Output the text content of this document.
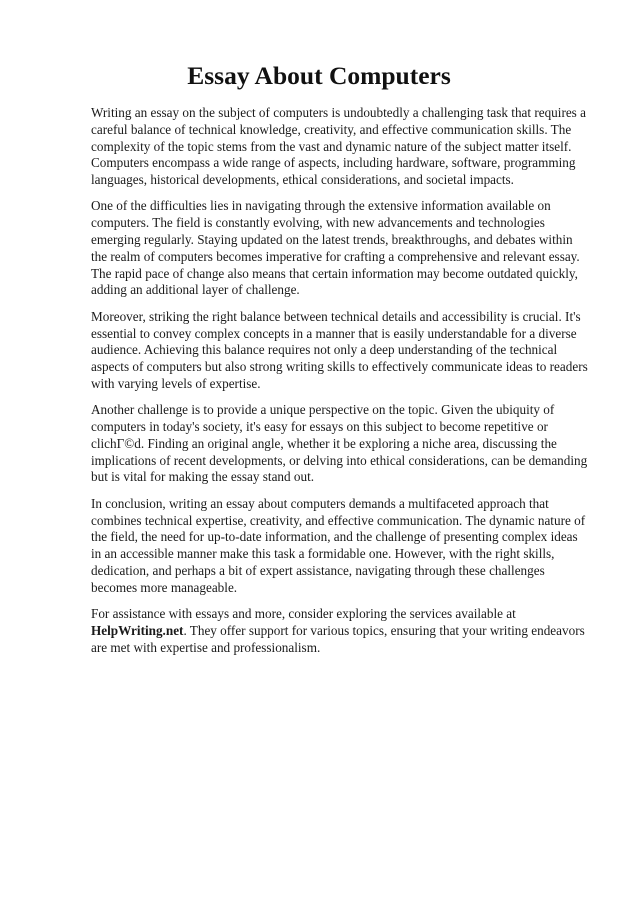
Essay About Computers

Writing an essay on the subject of computers is undoubtedly a challenging task that requires a careful balance of technical knowledge, creativity, and effective communication skills. The complexity of the topic stems from the vast and dynamic nature of the subject matter itself. Computers encompass a wide range of aspects, including hardware, software, programming languages, historical developments, ethical considerations, and societal impacts.

One of the difficulties lies in navigating through the extensive information available on computers. The field is constantly evolving, with new advancements and technologies emerging regularly. Staying updated on the latest trends, breakthroughs, and debates within the realm of computers becomes imperative for crafting a comprehensive and relevant essay. The rapid pace of change also means that certain information may become outdated quickly, adding an additional layer of challenge.

Moreover, striking the right balance between technical details and accessibility is crucial. It's essential to convey complex concepts in a manner that is easily understandable for a diverse audience. Achieving this balance requires not only a deep understanding of the technical aspects of computers but also strong writing skills to effectively communicate ideas to readers with varying levels of expertise.

Another challenge is to provide a unique perspective on the topic. Given the ubiquity of computers in today's society, it's easy for essays on this subject to become repetitive or clichГ©d. Finding an original angle, whether it be exploring a niche area, discussing the implications of recent developments, or delving into ethical considerations, can be demanding but is vital for making the essay stand out.

In conclusion, writing an essay about computers demands a multifaceted approach that combines technical expertise, creativity, and effective communication. The dynamic nature of the field, the need for up-to-date information, and the challenge of presenting complex ideas in an accessible manner make this task a formidable one. However, with the right skills, dedication, and perhaps a bit of expert assistance, navigating through these challenges becomes more manageable.

For assistance with essays and more, consider exploring the services available at
HelpWriting.net. They offer support for various topics, ensuring that your writing endeavors are met with expertise and professionalism.
